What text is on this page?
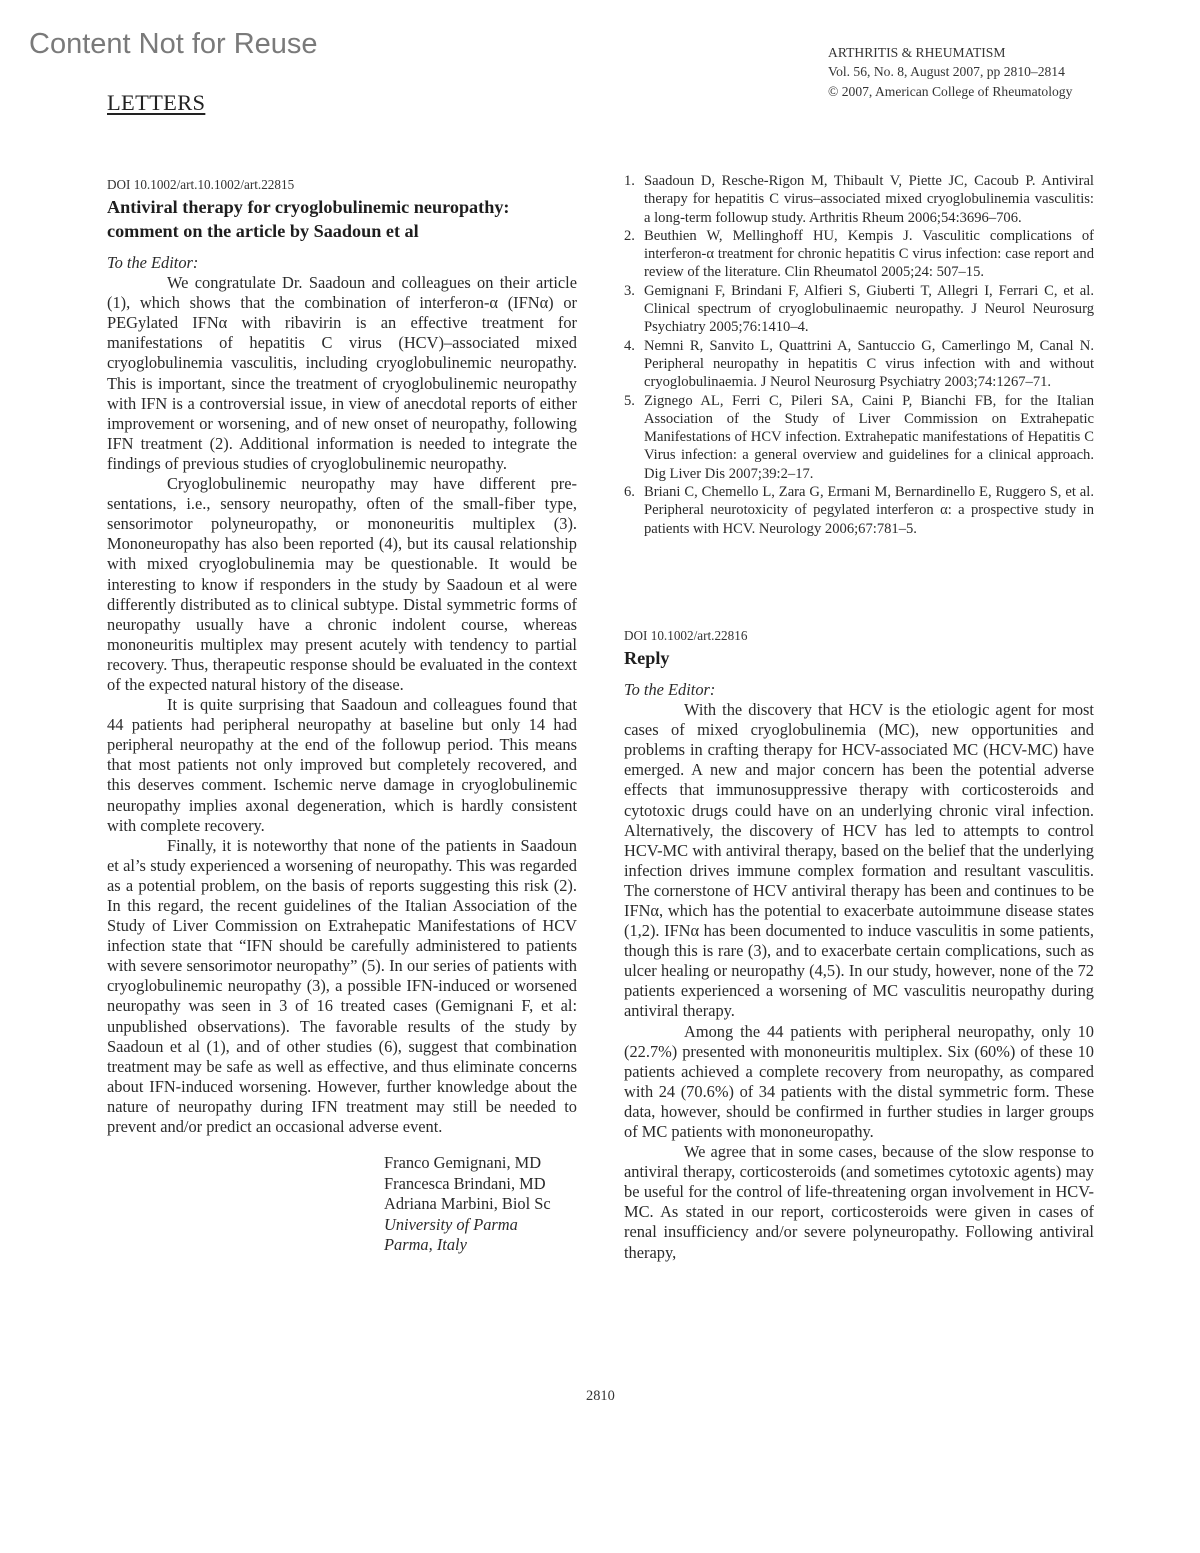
Content Not for Reuse
LETTERS
ARTHRITIS & RHEUMATISM
Vol. 56, No. 8, August 2007, pp 2810–2814
© 2007, American College of Rheumatology
DOI 10.1002/art.10.1002/art.22815
Antiviral therapy for cryoglobulinemic neuropathy: comment on the article by Saadoun et al
To the Editor:

We congratulate Dr. Saadoun and colleagues on their article (1), which shows that the combination of interferon-α (IFNα) or PEGylated IFNα with ribavirin is an effective treatment for manifestations of hepatitis C virus (HCV)–associated mixed cryoglobulinemia vasculitis, including cryoglobulinemic neuropathy. This is important, since the treatment of cryoglobulinemic neuropathy with IFN is a controversial issue, in view of anecdotal reports of either improvement or worsening, and of new onset of neuropathy, following IFN treatment (2). Additional information is needed to integrate the findings of previous studies of cryoglobulinemic neuropathy.

Cryoglobulinemic neuropathy may have different presentations, i.e., sensory neuropathy, often of the small-fiber type, sensorimotor polyneuropathy, or mononeuritis multiplex (3). Mononeuropathy has also been reported (4), but its causal relationship with mixed cryoglobulinemia may be questionable. It would be interesting to know if responders in the study by Saadoun et al were differently distributed as to clinical subtype. Distal symmetric forms of neuropathy usually have a chronic indolent course, whereas mononeuritis multiplex may present acutely with tendency to partial recovery. Thus, therapeutic response should be evaluated in the context of the expected natural history of the disease.

It is quite surprising that Saadoun and colleagues found that 44 patients had peripheral neuropathy at baseline but only 14 had peripheral neuropathy at the end of the followup period. This means that most patients not only improved but completely recovered, and this deserves comment. Ischemic nerve damage in cryoglobulinemic neuropathy implies axonal degeneration, which is hardly consistent with complete recovery.

Finally, it is noteworthy that none of the patients in Saadoun et al’s study experienced a worsening of neuropathy. This was regarded as a potential problem, on the basis of reports suggesting this risk (2). In this regard, the recent guidelines of the Italian Association of the Study of Liver Commission on Extrahepatic Manifestations of HCV infection state that “IFN should be carefully administered to patients with severe sensorimotor neuropathy” (5). In our series of patients with cryoglobulinemic neuropathy (3), a possible IFN-induced or worsened neuropathy was seen in 3 of 16 treated cases (Gemignani F, et al: unpublished observations). The favorable results of the study by Saadoun et al (1), and of other studies (6), suggest that combination treatment may be safe as well as effective, and thus eliminate concerns about IFN-induced worsening. However, further knowledge about the nature of neuropathy during IFN treatment may still be needed to prevent and/or predict an occasional adverse event.

Franco Gemignani, MD
Francesca Brindani, MD
Adriana Marbini, Biol Sc
University of Parma
Parma, Italy
1. Saadoun D, Resche-Rigon M, Thibault V, Piette JC, Cacoub P. Antiviral therapy for hepatitis C virus–associated mixed cryoglobulinemia vasculitis: a long-term followup study. Arthritis Rheum 2006;54:3696–706.
2. Beuthien W, Mellinghoff HU, Kempis J. Vasculitic complications of interferon-α treatment for chronic hepatitis C virus infection: case report and review of the literature. Clin Rheumatol 2005;24: 507–15.
3. Gemignani F, Brindani F, Alfieri S, Giuberti T, Allegri I, Ferrari C, et al. Clinical spectrum of cryoglobulinaemic neuropathy. J Neurol Neurosurg Psychiatry 2005;76:1410–4.
4. Nemni R, Sanvito L, Quattrini A, Santuccio G, Camerlingo M, Canal N. Peripheral neuropathy in hepatitis C virus infection with and without cryoglobulinaemia. J Neurol Neurosurg Psychiatry 2003;74:1267–71.
5. Zignego AL, Ferri C, Pileri SA, Caini P, Bianchi FB, for the Italian Association of the Study of Liver Commission on Extrahepatic Manifestations of HCV infection. Extrahepatic manifestations of Hepatitis C Virus infection: a general overview and guidelines for a clinical approach. Dig Liver Dis 2007;39:2–17.
6. Briani C, Chemello L, Zara G, Ermani M, Bernardinello E, Ruggero S, et al. Peripheral neurotoxicity of pegylated interferon α: a prospective study in patients with HCV. Neurology 2006;67:781–5.
DOI 10.1002/art.22816
Reply
To the Editor:

With the discovery that HCV is the etiologic agent for most cases of mixed cryoglobulinemia (MC), new opportunities and problems in crafting therapy for HCV-associated MC (HCV-MC) have emerged. A new and major concern has been the potential adverse effects that immunosuppressive therapy with corticosteroids and cytotoxic drugs could have on an underlying chronic viral infection. Alternatively, the discovery of HCV has led to attempts to control HCV-MC with antiviral therapy, based on the belief that the underlying infection drives immune complex formation and resultant vasculitis. The cornerstone of HCV antiviral therapy has been and continues to be IFNα, which has the potential to exacerbate autoimmune disease states (1,2). IFNα has been documented to induce vasculitis in some patients, though this is rare (3), and to exacerbate certain complications, such as ulcer healing or neuropathy (4,5). In our study, however, none of the 72 patients experienced a worsening of MC vasculitis neuropathy during antiviral therapy.

Among the 44 patients with peripheral neuropathy, only 10 (22.7%) presented with mononeuritis multiplex. Six (60%) of these 10 patients achieved a complete recovery from neuropathy, as compared with 24 (70.6%) of 34 patients with the distal symmetric form. These data, however, should be confirmed in further studies in larger groups of MC patients with mononeuropathy.

We agree that in some cases, because of the slow response to antiviral therapy, corticosteroids (and sometimes cytotoxic agents) may be useful for the control of life-threatening organ involvement in HCV-MC. As stated in our report, corticosteroids were given in cases of renal insufficiency and/or severe polyneuropathy. Following antiviral therapy,

2810
